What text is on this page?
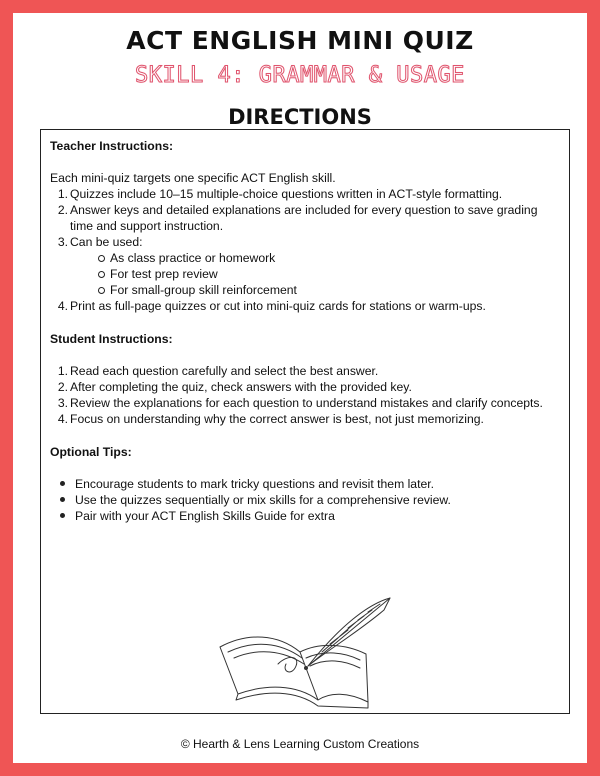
ACT ENGLISH MINI QUIZ
SKILL 4: GRAMMAR & USAGE
DIRECTIONS

Teacher Instructions:

Each mini-quiz targets one specific ACT English skill.

1. Quizzes include 10–15 multiple-choice questions written in ACT-style formatting.
2. Answer keys and detailed explanations are included for every question to save grading time and support instruction.
3. Can be used:
As class practice or homework
For test prep review
For small-group skill reinforcement
4. Print as full-page quizzes or cut into mini-quiz cards for stations or warm-ups.

Student Instructions:

1. Read each question carefully and select the best answer.
2. After completing the quiz, check answers with the provided key.
3. Review the explanations for each question to understand mistakes and clarify concepts.
4. Focus on understanding why the correct answer is best, not just memorizing.

Optional Tips:

Encourage students to mark tricky questions and revisit them later.
Use the quizzes sequentially or mix skills for a comprehensive review.
Pair with your ACT English Skills Guide for extra
© Hearth & Lens Learning Custom Creations
